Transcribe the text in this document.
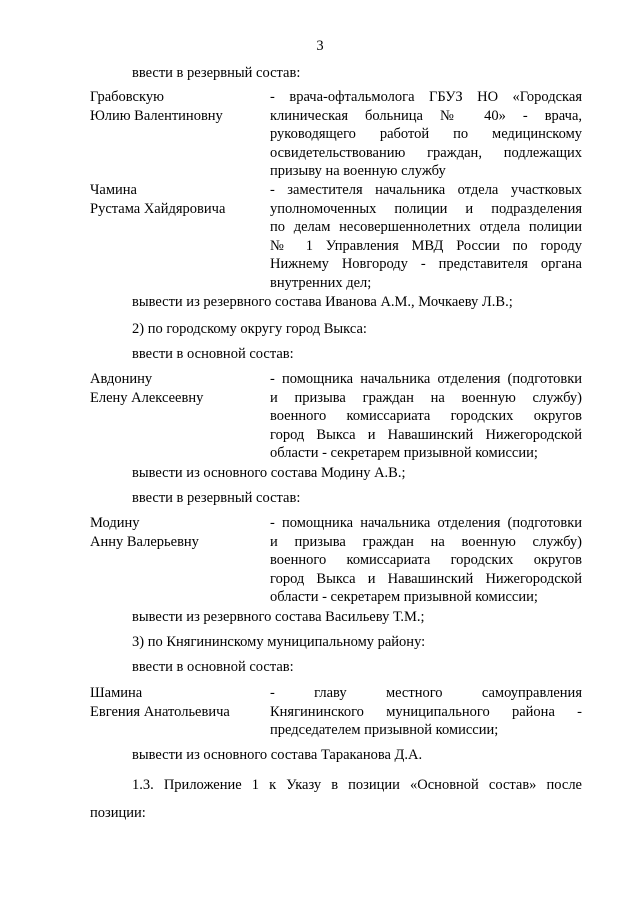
3
ввести в резервный состав:
Грабовскую
Юлию Валентиновну
- врача-офтальмолога ГБУЗ НО «Городская
клиническая больница № 40» - врача,
руководящего работой по медицинскому
освидетельствованию граждан, подлежащих
призыву на военную службу
Чамина
Рустама Хайдяровича
- заместителя начальника отдела участковых
уполномоченных полиции и подразделения
по делам несовершеннолетних отдела полиции
№ 1 Управления МВД России по городу
Нижнему Новгороду - представителя органа
внутренних дел;
вывести из резервного состава Иванова А.М., Мочкаеву Л.В.;
2) по городскому округу город Выкса:
ввести в основной состав:
Авдонину
Елену Алексеевну
- помощника начальника отделения (подготовки
и призыва граждан на военную службу)
военного комиссариата городских округов
город Выкса и Навашинский Нижегородской
области - секретарем призывной комиссии;
вывести из основного состава Модину А.В.;
ввести в резервный состав:
Модину
Анну Валерьевну
- помощника начальника отделения (подготовки
и призыва граждан на военную службу)
военного комиссариата городских округов
город Выкса и Навашинский Нижегородской
области - секретарем призывной комиссии;
вывести из резервного состава Васильеву Т.М.;
3) по Княгининскому муниципальному району:
ввести в основной состав:
Шамина
Евгения Анатольевича
- главу местного самоуправления
Княгининского муниципального района -
председателем призывной комиссии;
вывести из основного состава Тараканова Д.А.
1.3. Приложение 1 к Указу в позиции «Основной состав» после
позиции:
